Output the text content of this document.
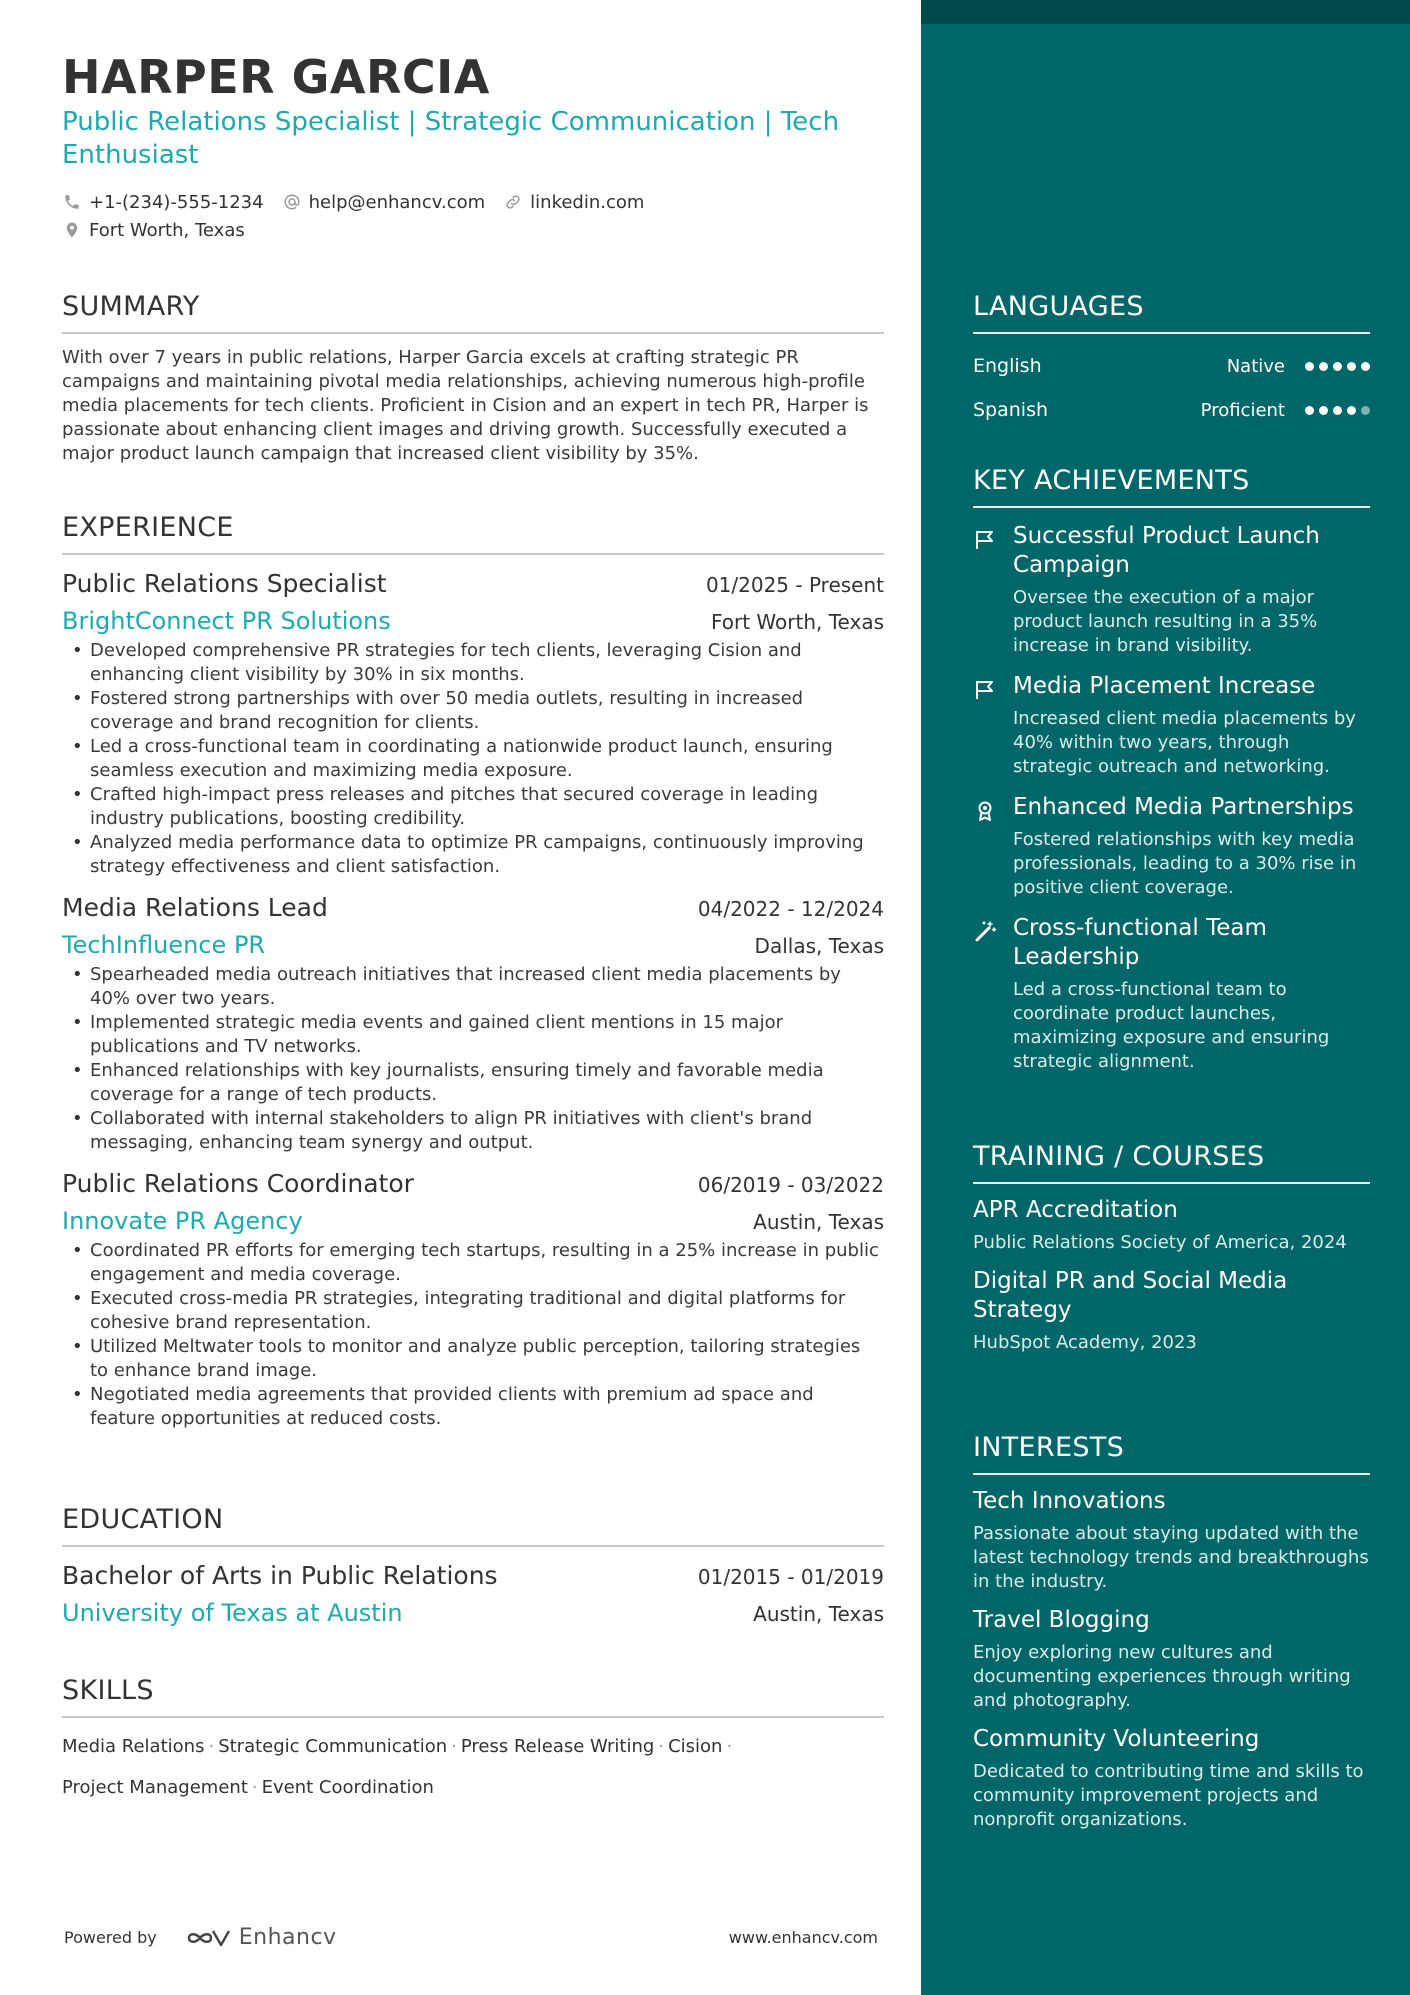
HARPER GARCIA
Public Relations Specialist | Strategic Communication | Tech Enthusiast
+1-(234)-555-1234	help@enhancv.com	linkedin.com
Fort Worth, Texas
SUMMARY
With over 7 years in public relations, Harper Garcia excels at crafting strategic PR campaigns and maintaining pivotal media relationships, achieving numerous high-profile media placements for tech clients. Proficient in Cision and an expert in tech PR, Harper is passionate about enhancing client images and driving growth. Successfully executed a major product launch campaign that increased client visibility by 35%.
EXPERIENCE
Public Relations Specialist	01/2025 - Present
BrightConnect PR Solutions	Fort Worth, Texas
• Developed comprehensive PR strategies for tech clients, leveraging Cision and enhancing client visibility by 30% in six months.
• Fostered strong partnerships with over 50 media outlets, resulting in increased coverage and brand recognition for clients.
• Led a cross-functional team in coordinating a nationwide product launch, ensuring seamless execution and maximizing media exposure.
• Crafted high-impact press releases and pitches that secured coverage in leading industry publications, boosting credibility.
• Analyzed media performance data to optimize PR campaigns, continuously improving strategy effectiveness and client satisfaction.
Media Relations Lead	04/2022 - 12/2024
TechInfluence PR	Dallas, Texas
• Spearheaded media outreach initiatives that increased client media placements by 40% over two years.
• Implemented strategic media events and gained client mentions in 15 major publications and TV networks.
• Enhanced relationships with key journalists, ensuring timely and favorable media coverage for a range of tech products.
• Collaborated with internal stakeholders to align PR initiatives with client's brand messaging, enhancing team synergy and output.
Public Relations Coordinator	06/2019 - 03/2022
Innovate PR Agency	Austin, Texas
• Coordinated PR efforts for emerging tech startups, resulting in a 25% increase in public engagement and media coverage.
• Executed cross-media PR strategies, integrating traditional and digital platforms for cohesive brand representation.
• Utilized Meltwater tools to monitor and analyze public perception, tailoring strategies to enhance brand image.
• Negotiated media agreements that provided clients with premium ad space and feature opportunities at reduced costs.
EDUCATION
Bachelor of Arts in Public Relations	01/2015 - 01/2019
University of Texas at Austin	Austin, Texas
SKILLS
Media Relations · Strategic Communication · Press Release Writing · Cision ·
Project Management · Event Coordination
Powered by	Enhancv	www.enhancv.com
LANGUAGES
English	Native
Spanish	Proficient
KEY ACHIEVEMENTS
Successful Product Launch Campaign
Oversee the execution of a major product launch resulting in a 35% increase in brand visibility.
Media Placement Increase
Increased client media placements by 40% within two years, through strategic outreach and networking.
Enhanced Media Partnerships
Fostered relationships with key media professionals, leading to a 30% rise in positive client coverage.
Cross-functional Team Leadership
Led a cross-functional team to coordinate product launches, maximizing exposure and ensuring strategic alignment.
TRAINING / COURSES
APR Accreditation
Public Relations Society of America, 2024
Digital PR and Social Media Strategy
HubSpot Academy, 2023
INTERESTS
Tech Innovations
Passionate about staying updated with the latest technology trends and breakthroughs in the industry.
Travel Blogging
Enjoy exploring new cultures and documenting experiences through writing and photography.
Community Volunteering
Dedicated to contributing time and skills to community improvement projects and nonprofit organizations.
